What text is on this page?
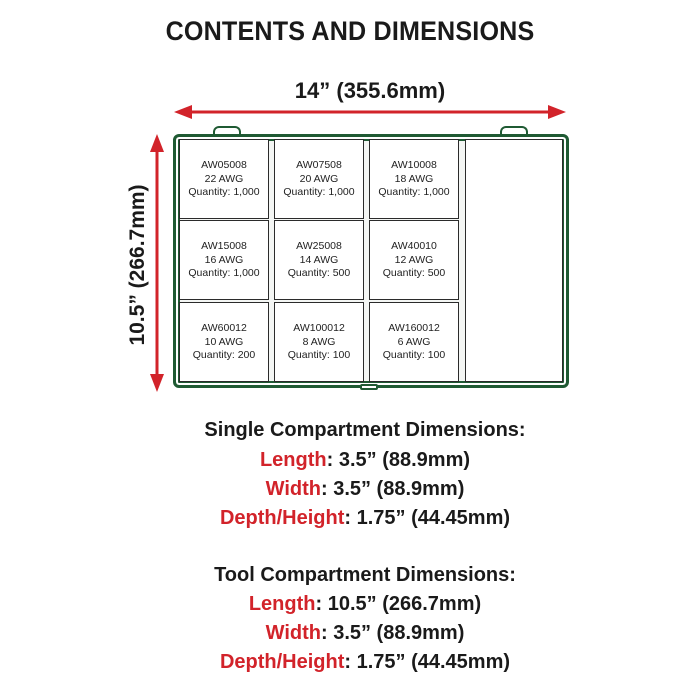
CONTENTS AND DIMENSIONS
14” (355.6mm)
10.5” (266.7mm)
AW05008
22 AWG
Quantity: 1,000
AW07508
20 AWG
Quantity: 1,000
AW10008
18 AWG
Quantity: 1,000
AW15008
16 AWG
Quantity: 1,000
AW25008
14 AWG
Quantity: 500
AW40010
12 AWG
Quantity: 500
AW60012
10 AWG
Quantity: 200
AW100012
8 AWG
Quantity: 100
AW160012
6 AWG
Quantity: 100
Single Compartment Dimensions:
Length: 3.5” (88.9mm)
Width: 3.5” (88.9mm)
Depth/Height: 1.75” (44.45mm)
Tool Compartment Dimensions:
Length: 10.5” (266.7mm)
Width: 3.5” (88.9mm)
Depth/Height: 1.75” (44.45mm)
